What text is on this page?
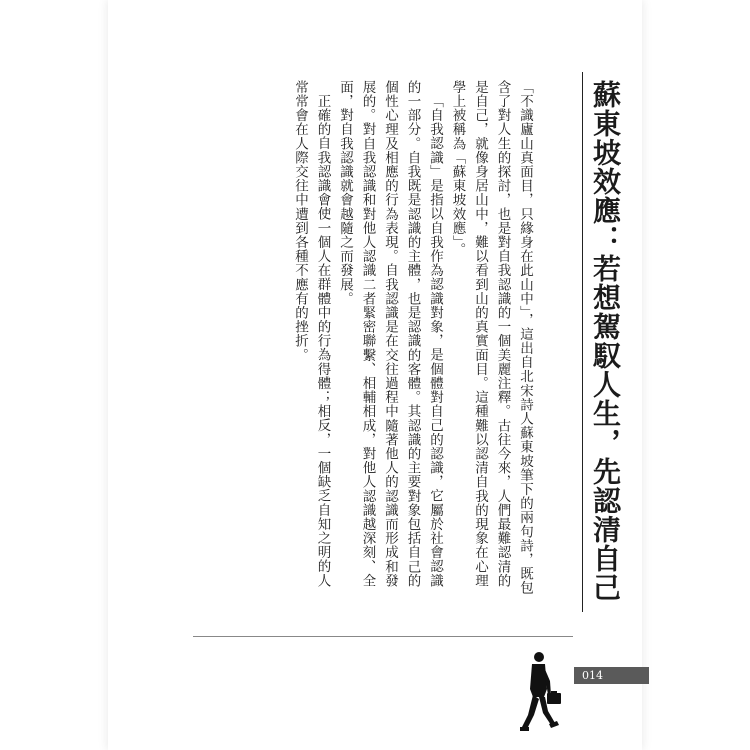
蘇東坡效應：若想駕馭人生，先認清自己

「不識廬山真面目，只緣身在此山中」，這出自北宋詩人蘇東坡筆下的兩句詩，既包含了對人生的探討，也是對自我認識的一個美麗注釋。古往今來，人們最難認清的是自己，就像身居山中，難以看到山的真實面目。這種難以認清自我的現象在心理學上被稱為「蘇東坡效應」。

「自我認識」是指以自我作為認識對象，是個體對自己的認識，它屬於社會認識的一部分。自我既是認識的主體，也是認識的客體。其認識的主要對象包括自己的個性心理及相應的行為表現。自我認識是在交往過程中隨著他人的認識而形成和發展的。對自我認識和對他人認識二者緊密聯繫、相輔相成，對他人認識越深刻、全面，對自我認識就會越隨之而發展。

正確的自我認識會使一個人在群體中的行為得體；相反，一個缺乏自知之明的人常常會在人際交往中遭到各種不應有的挫折。

014
